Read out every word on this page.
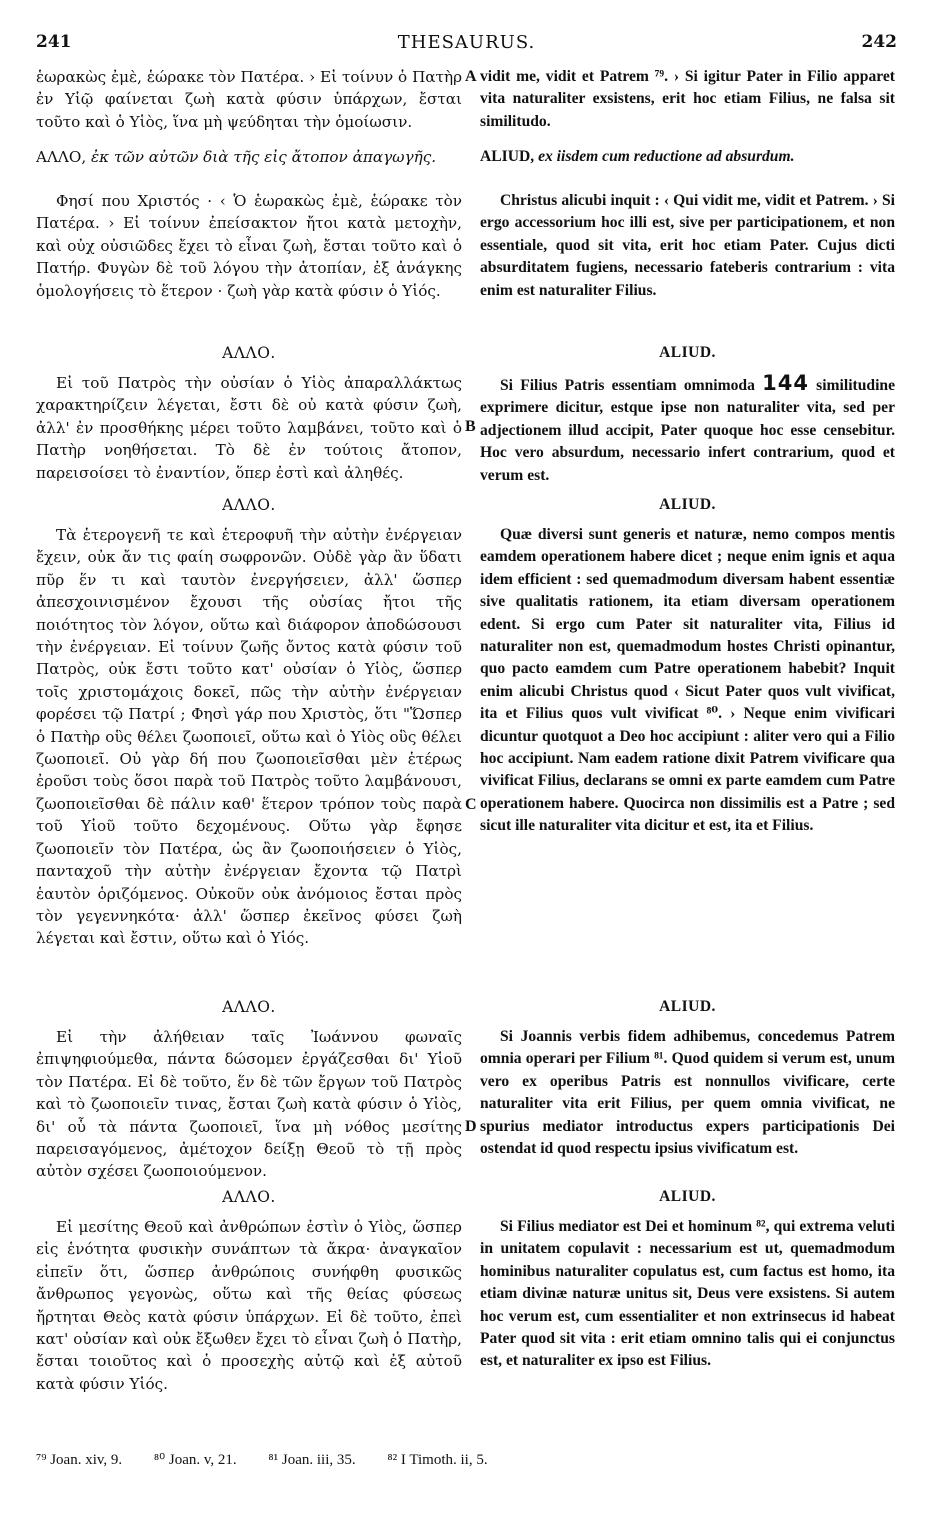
241	THESAURUS.	242

ἑωρακὼς ἐμὲ, ἑώρακε τὸν Πατέρα. › Εἰ τοίνυν ὁ Πατὴρ ἐν Υἱῷ φαίνεται ζωὴ κατὰ φύσιν ὑπάρχων, ἔσται τοῦτο καὶ ὁ Υἱὸς, ἵνα μὴ ψεύδηται τὴν ὁμοίωσιν.

ΑΛΛΟ, ἐκ τῶν αὐτῶν διὰ τῆς εἰς ἄτοπον ἀπαγωγῆς.

Φησί που Χριστός · ‹ Ὁ ἑωρακὼς ἐμὲ, ἑώρακε τὸν Πατέρα. › Εἰ τοίνυν ἐπείσακτον ἤτοι κατὰ μετοχὴν, καὶ οὐχ οὐσιῶδες ἔχει τὸ εἶναι ζωὴ, ἔσται τοῦτο καὶ ὁ Πατήρ. Φυγὼν δὲ τοῦ λόγου τὴν ἀτοπίαν, ἐξ ἀνάγκης ὁμολογήσεις τὸ ἕτερον · ζωὴ γὰρ κατὰ φύσιν ὁ Υἱός.

ΑΛΛΟ.

Εἰ τοῦ Πατρὸς τὴν οὐσίαν ὁ Υἱὸς ἀπαραλλάκτως χαρακτηρίζειν λέγεται, ἔστι δὲ οὐ κατὰ φύσιν ζωὴ, ἀλλ' ἐν προσθήκης μέρει τοῦτο λαμβάνει, τοῦτο καὶ ὁ Πατὴρ νοηθήσεται. Τὸ δὲ ἐν τούτοις ἄτοπον, παρεισοίσει τὸ ἐναντίον, ὅπερ ἐστὶ καὶ ἀληθές.

ΑΛΛΟ.

Τὰ ἑτερογενῆ τε καὶ ἑτεροφυῆ τὴν αὐτὴν ἐνέργειαν ἔχειν, οὐκ ἄν τις φαίη σωφρονῶν. Οὐδὲ γὰρ ἂν ὕδατι πῦρ ἕν τι καὶ ταυτὸν ἐνεργήσειεν, ἀλλ' ὥσπερ ἀπεσχοινισμένον ἔχουσι τῆς οὐσίας ἤτοι τῆς ποιότητος τὸν λόγον, οὕτω καὶ διάφορον ἀποδώσουσι τὴν ἐνέργειαν. Εἰ τοίνυν ζωῆς ὄντος κατὰ φύσιν τοῦ Πατρὸς, οὐκ ἔστι τοῦτο κατ' οὐσίαν ὁ Υἱὸς, ὥσπερ τοῖς χριστομάχοις δοκεῖ, πῶς τὴν αὐτὴν ἐνέργειαν φορέσει τῷ Πατρί ; Φησὶ γάρ που Χριστὸς, ὅτι "Ὥσπερ ὁ Πατὴρ οὓς θέλει ζωοποιεῖ, οὕτω καὶ ὁ Υἱὸς οὓς θέλει ζωοποιεῖ. Οὐ γὰρ δή που ζωοποιεῖσθαι μὲν ἑτέρως ἐροῦσι τοὺς ὅσοι παρὰ τοῦ Πατρὸς τοῦτο λαμβάνουσι, ζωοποιεῖσθαι δὲ πάλιν καθ' ἕτερον τρόπον τοὺς παρὰ τοῦ Υἱοῦ τοῦτο δεχομένους. Οὕτω γὰρ ἔφησε ζωοποιεῖν τὸν Πατέρα, ὡς ἂν ζωοποιήσειεν ὁ Υἱὸς, πανταχοῦ τὴν αὐτὴν ἐνέργειαν ἔχοντα τῷ Πατρὶ ἑαυτὸν ὁριζόμενος. Οὐκοῦν οὐκ ἀνόμοιος ἔσται πρὸς τὸν γεγεννηκότα· ἀλλ' ὥσπερ ἐκεῖνος φύσει ζωὴ λέγεται καὶ ἔστιν, οὕτω καὶ ὁ Υἱός.

ΑΛΛΟ.

Εἰ τὴν ἀλήθειαν ταῖς Ἰωάννου φωναῖς ἐπιψηφιούμεθα, πάντα δώσομεν ἐργάζεσθαι δι' Υἱοῦ τὸν Πατέρα. Εἰ δὲ τοῦτο, ἕν δὲ τῶν ἔργων τοῦ Πατρὸς καὶ τὸ ζωοποιεῖν τινας, ἔσται ζωὴ κατὰ φύσιν ὁ Υἱὸς, δι' οὗ τὰ πάντα ζωοποιεῖ, ἵνα μὴ νόθος μεσίτης παρεισαγόμενος, ἀμέτοχον δείξῃ Θεοῦ τὸ τῇ πρὸς αὐτὸν σχέσει ζωοποιούμενον.

ΑΛΛΟ.

Εἰ μεσίτης Θεοῦ καὶ ἀνθρώπων ἐστὶν ὁ Υἱὸς, ὥσπερ εἰς ἑνότητα φυσικὴν συνάπτων τὰ ἄκρα· ἀναγκαῖον εἰπεῖν ὅτι, ὥσπερ ἀνθρώποις συνήφθη φυσικῶς ἄνθρωπος γεγονὼς, οὕτω καὶ τῆς θείας φύσεως ἤρτηται Θεὸς κατὰ φύσιν ὑπάρχων. Εἰ δὲ τοῦτο, ἐπεὶ κατ' οὐσίαν καὶ οὐκ ἔξωθεν ἔχει τὸ εἶναι ζωὴ ὁ Πατὴρ, ἔσται τοιοῦτος καὶ ὁ προσεχὴς αὐτῷ καὶ ἐξ αὐτοῦ κατὰ φύσιν Υἱός.

A
B
C
D

vidit me, vidit et Patrem ⁷⁹. › Si igitur Pater in Filio apparet vita naturaliter exsistens, erit hoc etiam Filius, ne falsa sit similitudo.

ALIUD, ex iisdem cum reductione ad absurdum.

Christus alicubi inquit : ‹ Qui vidit me, vidit et Patrem. › Si ergo accessorium hoc illi est, sive per participationem, et non essentiale, quod sit vita, erit hoc etiam Pater. Cujus dicti absurditatem fugiens, necessario fateberis contrarium : vita enim est naturaliter Filius.

ALIUD.

Si Filius Patris essentiam omnimoda 144 similitudine exprimere dicitur, estque ipse non naturaliter vita, sed per adjectionem illud accipit, Pater quoque hoc esse censebitur. Hoc vero absurdum, necessario infert contrarium, quod et verum est.

ALIUD.

Quæ diversi sunt generis et naturæ, nemo compos mentis eamdem operationem habere dicet ; neque enim ignis et aqua idem efficient : sed quemadmodum diversam habent essentiæ sive qualitatis rationem, ita etiam diversam operationem edent. Si ergo cum Pater sit naturaliter vita, Filius id naturaliter non est, quemadmodum hostes Christi opinantur, quo pacto eamdem cum Patre operationem habebit? Inquit enim alicubi Christus quod ‹ Sicut Pater quos vult vivificat, ita et Filius quos vult vivificat ⁸⁰. › Neque enim vivificari dicuntur quotquot a Deo hoc accipiunt : aliter vero qui a Filio hoc accipiunt. Nam eadem ratione dixit Patrem vivificare qua vivificat Filius, declarans se omni ex parte eamdem cum Patre operationem habere. Quocirca non dissimilis est a Patre ; sed sicut ille naturaliter vita dicitur et est, ita et Filius.

ALIUD.

Si Joannis verbis fidem adhibemus, concedemus Patrem omnia operari per Filium ⁸¹. Quod quidem si verum est, unum vero ex operibus Patris est nonnullos vivificare, certe naturaliter vita erit Filius, per quem omnia vivificat, ne spurius mediator introductus expers participationis Dei ostendat id quod respectu ipsius vivificatum est.

ALIUD.

Si Filius mediator est Dei et hominum ⁸², qui extrema veluti in unitatem copulavit : necessarium est ut, quemadmodum hominibus naturaliter copulatus est, cum factus est homo, ita etiam divinæ naturæ unitus sit, Deus vere exsistens. Si autem hoc verum est, cum essentialiter et non extrinsecus id habeat Pater quod sit vita : erit etiam omnino talis qui ei conjunctus est, et naturaliter ex ipso est Filius.

⁷⁹ Joan. xiv, 9. ⁸⁰ Joan. v, 21. ⁸¹ Joan. iii, 35. ⁸² I Timoth. ii, 5.
